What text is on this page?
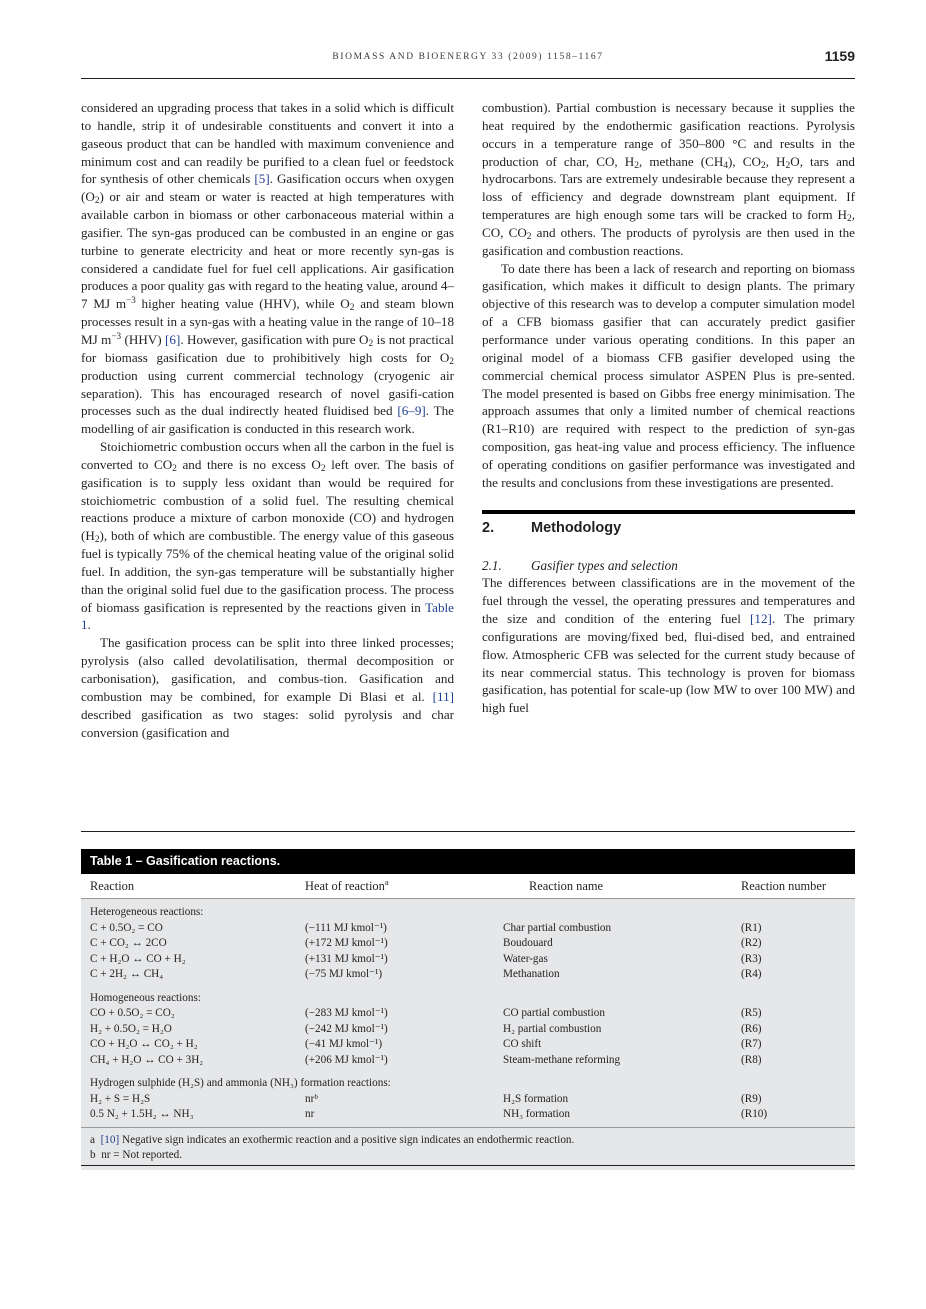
BIOMASS AND BIOENERGY 33 (2009) 1158–1167	1159

considered an upgrading process that takes in a solid which is difficult to handle, strip it of undesirable constituents and convert it into a gaseous product that can be handled with maximum convenience and minimum cost and can readily be purified to a clean fuel or feedstock for synthesis of other chemicals [5]. Gasification occurs when oxygen $(O_2)$ or air and steam or water is reacted at high temperatures with available carbon in biomass or other carbonaceous material within a gasifier. The syn-gas produced can be combusted in an engine or gas turbine to generate electricity and heat or more recently syn-gas is considered a candidate fuel for fuel cell applications. Air gasification produces a poor quality gas with regard to the heating value, around 4–7 MJ $m^{-3}$ higher heating value (HHV), while $O_2$ and steam blown processes result in a syn-gas with a heating value in the range of 10–18 MJ $m^{-3}$ (HHV) [6]. However, gasification with pure $O_2$ is not practical for biomass gasification due to prohibitively high costs for $O_2$ production using current commercial technology (cryogenic air separation). This has encouraged research of novel gasifi-cation processes such as the dual indirectly heated fluidised bed [6–9]. The modelling of air gasification is conducted in this research work.

Stoichiometric combustion occurs when all the carbon in the fuel is converted to $CO_2$ and there is no excess $O_2$ left over. The basis of gasification is to supply less oxidant than would be required for stoichiometric combustion of a solid fuel. The resulting chemical reactions produce a mixture of carbon monoxide (CO) and hydrogen $(H_2)$, both of which are combustible. The energy value of this gaseous fuel is typically 75% of the chemical heating value of the original solid fuel. In addition, the syn-gas temperature will be substantially higher than the original solid fuel due to the gasification process. The process of biomass gasification is represented by the reactions given in Table 1.

The gasification process can be split into three linked processes; pyrolysis (also called devolatilisation, thermal decomposition or carbonisation), gasification, and combus-tion. Gasification and combustion may be combined, for example Di Blasi et al. [11] described gasification as two stages: solid pyrolysis and char conversion (gasification and

combustion). Partial combustion is necessary because it supplies the heat required by the endothermic gasification reactions. Pyrolysis occurs in a temperature range of 350–800 °C and results in the production of char, CO, $H_2$, methane $(CH_4)$, $CO_2$, $H_2O$, tars and hydrocarbons. Tars are extremely undesirable because they represent a loss of efficiency and degrade downstream plant equipment. If temperatures are high enough some tars will be cracked to form $H_2$, CO, $CO_2$ and others. The products of pyrolysis are then used in the gasification and combustion reactions.

To date there has been a lack of research and reporting on biomass gasification, which makes it difficult to design plants. The primary objective of this research was to develop a computer simulation model of a CFB biomass gasifier that can accurately predict gasifier performance under various operating conditions. In this paper an original model of a biomass CFB gasifier developed using the commercial chemical process simulator ASPEN Plus is pre-sented. The model presented is based on Gibbs free energy minimisation. The approach assumes that only a limited number of chemical reactions (R1–R10) are required with respect to the prediction of syn-gas composition, gas heat-ing value and process efficiency. The influence of operating conditions on gasifier performance was investigated and the results and conclusions from these investigations are presented.

2.	Methodology
2.1.	Gasifier types and selection

The differences between classifications are in the movement of the fuel through the vessel, the operating pressures and temperatures and the size and condition of the entering fuel [12]. The primary configurations are moving/fixed bed, flui-dised bed, and entrained flow. Atmospheric CFB was selected for the current study because of its near commercial status. This technology is proven for biomass gasification, has potential for scale-up (low MW to over 100 MW) and high fuel

Table 1 – Gasification reactions.
Reaction	Heat of reaction$^a$	Reaction name	Reaction number
Heterogeneous reactions:
C + 0.5O₂ = CO	(−111 MJ kmol⁻¹)	Char partial combustion	(R1)
C + CO₂ ↔ 2CO	(+172 MJ kmol⁻¹)	Boudouard	(R2)
C + H₂O ↔ CO + H₂	(+131 MJ kmol⁻¹)	Water-gas	(R3)
C + 2H₂ ↔ CH₄	(−75 MJ kmol⁻¹)	Methanation	(R4)
Homogeneous reactions:
CO + 0.5O₂ = CO₂	(−283 MJ kmol⁻¹)	CO partial combustion	(R5)
H₂ + 0.5O₂ = H₂O	(−242 MJ kmol⁻¹)	H₂ partial combustion	(R6)
CO + H₂O ↔ CO₂ + H₂	(−41 MJ kmol⁻¹)	CO shift	(R7)
CH₄ + H₂O ↔ CO + 3H₂	(+206 MJ kmol⁻¹)	Steam-methane reforming	(R8)
Hydrogen sulphide (H₂S) and ammonia (NH₃) formation reactions:
H₂ + S = H₂S	nrᵇ	H₂S formation	(R9)
0.5 N₂ + 1.5H₂ ↔ NH₃	nr	NH₃ formation	(R10)
a [10] Negative sign indicates an exothermic reaction and a positive sign indicates an endothermic reaction.
b nr = Not reported.
